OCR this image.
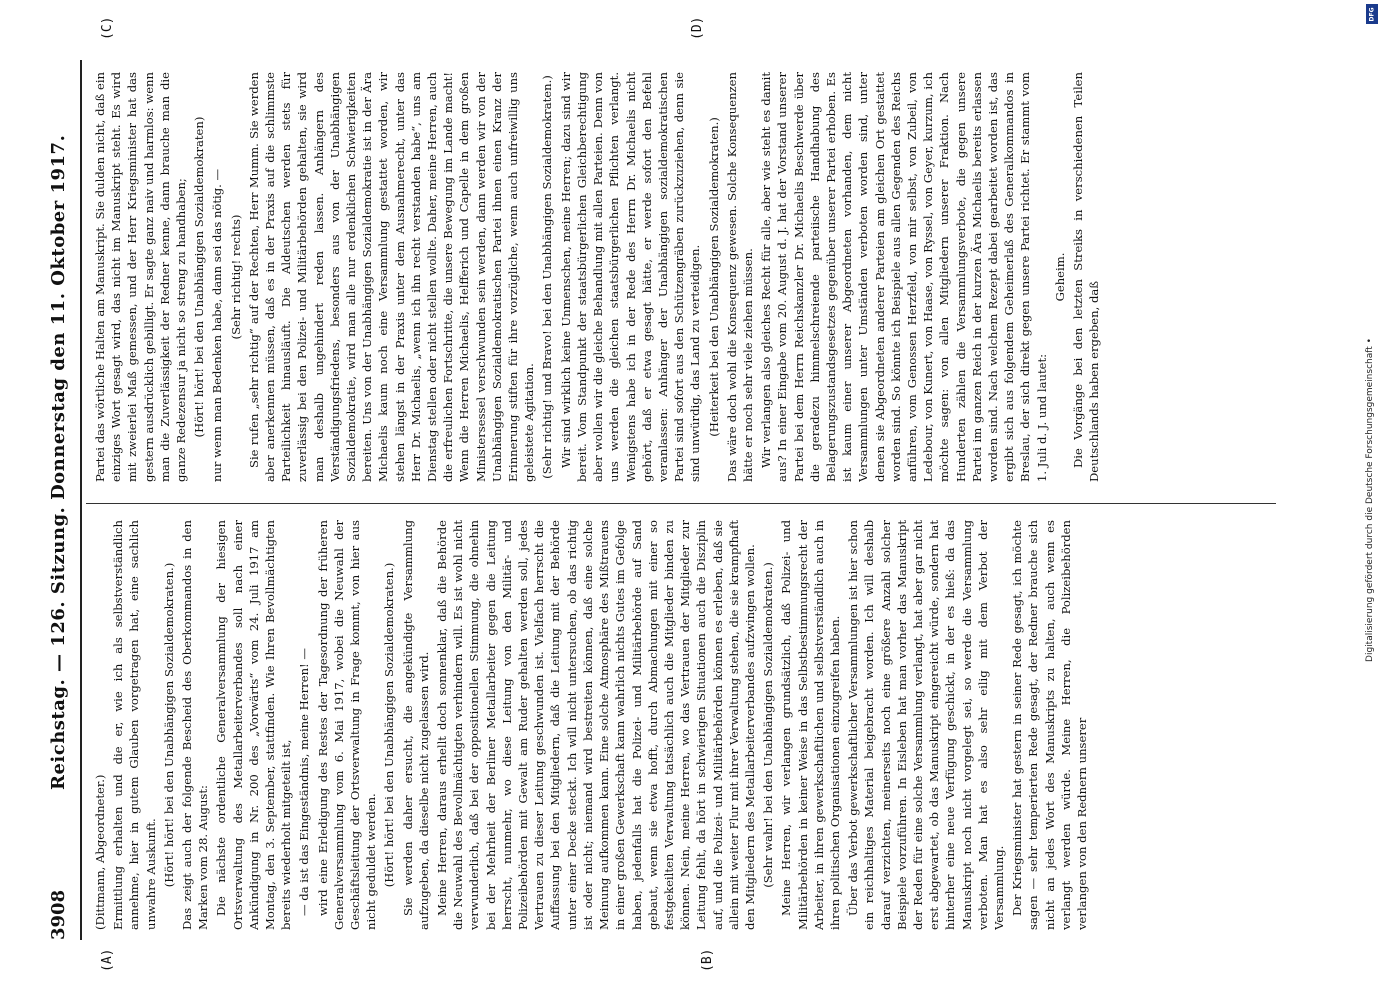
3908
Reichstag. — 126. Sitzung. Donnerstag den 11. Oktober 1917.
(A)	(B)
(C)	(D)

(Dittmann, Abgeordneter.) Ermittlung erhalten und die er, wie ich als selbstverständlich annehme, hier in gutem Glauben vorgetragen hat, eine sachlich unwahre Auskunft. (Hört! hört! bei den Unabhängigen Sozialdemokraten.) Das zeigt auch der folgende Bescheid des Oberkommandos in den Marken vom 28. August: Die nächste ordentliche Generalversammlung der hiesigen Ortsverwaltung des Metallarbeiterverbandes soll nach einer Ankündigung in Nr. 200 des „Vorwärts“ vom 24. Juli 1917 am Montag, den 3. September, stattfinden. Wie Ihren Bevollmächtigten bereits wiederholt mitgeteilt ist, — da ist das Eingeständnis, meine Herren! — wird eine Erledigung des Restes der Tagesordnung der früheren Generalversammlung vom 6. Mai 1917, wobei die Neuwahl der Geschäftsleitung der Ortsverwaltung in Frage kommt, von hier aus nicht geduldet werden. (Hört! hört! bei den Unabhängigen Sozialdemokraten.) Sie werden daher ersucht, die angekündigte Versammlung aufzugeben, da dieselbe nicht zugelassen wird. Meine Herren, daraus erhellt doch sonnenklar, daß die Behörde die Neuwahl des Bevollmächtigten verhindern will. Es ist wohl nicht verwunderlich, daß bei der oppositionellen Stimmung, die ohnehin bei der Mehrheit der Berliner Metallarbeiter gegen die Leitung herrscht, nunmehr, wo diese Leitung von den Militär- und Polizeibehörden mit Gewalt am Ruder gehalten werden soll, jedes Vertrauen zu dieser Leitung geschwunden ist. Vielfach herrscht die Auffassung bei den Mitgliedern, daß die Leitung mit der Behörde unter einer Decke steckt. Ich will nicht untersuchen, ob das richtig ist oder nicht; niemand wird bestreiten können, daß eine solche Meinung aufkommen kann. Eine solche Atmosphäre des Mißtrauens in einer großen Gewerkschaft kann wahrlich nichts Gutes im Gefolge haben, jedenfalls hat die Polizei- und Militärbehörde auf Sand gebaut, wenn sie etwa hofft, durch Abmachungen mit einer so festgekeilten Verwaltung tatsächlich auch die Mitglieder binden zu können. Nein, meine Herren, wo das Vertrauen der Mitglieder zur Leitung fehlt, da hört in schwierigen Situationen auch die Disziplin auf, und die Polizei- und Militärbehörden können es erleben, daß sie allein mit weiter Flur mit ihrer Verwaltung stehen, die sie krampfhaft den Mitgliedern des Metallarbeiterverbandes aufzwingen wollen. (Sehr wahr! bei den Unabhängigen Sozialdemokraten.) Meine Herren, wir verlangen grundsätzlich, daß Polizei- und Militärbehörden in keiner Weise in das Selbstbestimmungsrecht der Arbeiter, in ihren gewerkschaftlichen und selbstverständlich auch in ihren politischen Organisationen einzugreifen haben. Über das Verbot gewerkschaftlicher Versammlungen ist hier schon ein reichhaltiges Material beigebracht worden. Ich will deshalb darauf verzichten, meinerseits noch eine größere Anzahl solcher Beispiele vorzuführen. In Eisleben hat man vorher das Manuskript der Reden für eine solche Versammlung verlangt, hat aber gar nicht erst abgewartet, ob das Manuskript eingereicht würde, sondern hat hinterher eine neue Verfügung geschickt, in der es hieß: da das Manuskript noch nicht vorgelegt sei, so werde die Versammlung verboten. Man hat es also sehr eilig mit dem Verbot der Versammlung. Der Kriegsminister hat gestern in seiner Rede gesagt, ich möchte sagen — sehr temperierten Rede gesagt, der Redner brauche sich nicht an jedes Wort des Manuskripts zu halten, auch wenn es verlangt werden würde. Meine Herren, die Polizeibehörden verlangen von den Rednern unserer

Partei das wörtliche Halten am Manuskript. Sie dulden nicht, daß ein einziges Wort gesagt wird, das nicht im Manuskript steht. Es wird mit zweierlei Maß gemessen, und der Herr Kriegsminister hat das gestern ausdrücklich gebilligt. Er sagte ganz naiv und harmlos: wenn man die Zuverlässigkeit der Redner kenne, dann brauche man die ganze Redezensur ja nicht so streng zu handhaben; (Hört! hört! bei den Unabhängigen Sozialdemokraten) nur wenn man Bedenken habe, dann sei das nötig. — (Sehr richtig! rechts) Sie rufen „sehr richtig“ auf der Rechten, Herr Mumm. Sie werden aber anerkennen müssen, daß es in der Praxis auf die schlimmste Parteilichkeit hinausläuft. Die Aldeutschen werden stets für zuverlässig bei den Polizei- und Militärbehörden gehalten, sie wird man deshalb ungehindert reden lassen. Anhängern des Verständigungsfriedens, besonders aus von der Unabhängigen Sozialdemokratie, wird man alle nur erdenklichen Schwierigkeiten bereiten. Uns von der Unabhängigen Sozialdemokratie ist in der Ära Michaelis kaum noch eine Versammlung gestattet worden, wir stehen längst in der Praxis unter dem Ausnahmerecht, unter das Herr Dr. Michaelis, „wenn ich ihn recht verstanden habe“, uns am Dienstag stellen oder nicht stellen wollte. Daher, meine Herren, auch die erfreulichen Fortschritte, die unsere Bewegung im Lande macht! Wenn die Herren Michaelis, Helfferich und Capelle in dem großen Ministersessel verschwunden sein werden, dann werden wir von der Unabhängigen Sozialdemokratischen Partei ihnen einen Kranz der Erinnerung stiften für ihre vorzügliche, wenn auch unfreiwillig uns geleistete Agitation. (Sehr richtig! und Bravo! bei den Unabhängigen Sozialdemokraten.) Wir sind wirklich keine Unmenschen, meine Herren; dazu sind wir bereit. Vom Standpunkt der staatsbürgerlichen Gleichberechtigung aber wollen wir die gleiche Behandlung mit allen Parteien. Denn von uns werden die gleichen staatsbürgerlichen Pflichten verlangt. Wenigstens habe ich in der Rede des Herrn Dr. Michaelis nicht gehört, daß er etwa gesagt hätte, er werde sofort den Befehl veranlassen: Anhänger der Unabhängigen sozialdemokratischen Partei sind sofort aus den Schützengräben zurückzuziehen, denn sie sind unwürdig, das Land zu verteidigen. (Heiterkeit bei den Unabhängigen Sozialdemokraten.) Das wäre doch wohl die Konsequenz gewesen. Solche Konsequenzen hätte er noch sehr viele ziehen müssen. Wir verlangen also gleiches Recht für alle, aber wie steht es damit aus? In einer Eingabe vom 20. August d. J. hat der Vorstand unserer Partei bei dem Herrn Reichskanzler Dr. Michaelis Beschwerde über die geradezu himmelschreiende parteiische Handhabung des Belagerungszustandsgesetzes gegenüber unserer Partei erhoben. Es ist kaum einer unserer Abgeordneten vorhanden, dem nicht Versammlungen unter Umständen verboten worden sind, unter denen sie Abgeordneten anderer Parteien am gleichen Ort gestattet worden sind. So könnte ich Beispiele aus allen Gegenden des Reichs anführen, vom Genossen Herzfeld, von mir selbst, von Zubeil, von Ledebour, von Kunert, von Haase, von Ryssel, von Geyer, kurzum, ich möchte sagen: von allen Mitgliedern unserer Fraktion. Nach Hunderten zählen die Versammlungsverbote, die gegen unsere Partei im ganzen Reich in der kurzen Ära Michaelis bereits erlassen worden sind. Nach welchem Rezept dabei gearbeitet worden ist, das ergibt sich aus folgendem Geheimerlaß des Generalkommandos in Breslau, der sich direkt gegen unsere Partei richtet. Er stammt vom 1. Juli d. J. und lautet:

Geheim. Die Vorgänge bei den letzten Streiks in verschiedenen Teilen Deutschlands haben ergeben, daß

DFG
Digitalisierung gefördert durch die Deutsche Forschungsgemeinschaft •
